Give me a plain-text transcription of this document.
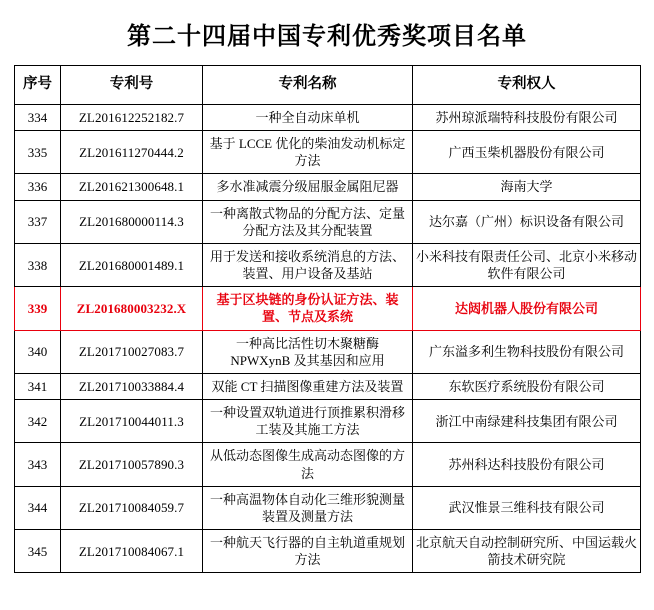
第二十四届中国专利优秀奖项目名单
序号	专利号	专利名称	专利权人
334	ZL201612252182.7	一种全自动床单机	苏州琼派瑞特科技股份有限公司
335	ZL201611270444.2	基于 LCCE 优化的柴油发动机标定方法	广西玉柴机器股份有限公司
336	ZL201621300648.1	多水准减震分级屈服金属阻尼器	海南大学
337	ZL201680000114.3	一种离散式物品的分配方法、定量分配方法及其分配装置	达尔嘉（广州）标识设备有限公司
338	ZL201680001489.1	用于发送和接收系统消息的方法、装置、用户设备及基站	小米科技有限责任公司、北京小米移动软件有限公司
339	ZL201680003232.X	基于区块链的身份认证方法、装置、节点及系统	达闼机器人股份有限公司
340	ZL201710027083.7	一种高比活性切木聚糖酶 NPWXynB 及其基因和应用	广东溢多利生物科技股份有限公司
341	ZL201710033884.4	双能 CT 扫描图像重建方法及装置	东软医疗系统股份有限公司
342	ZL201710044011.3	一种设置双轨道进行顶推累积滑移工装及其施工方法	浙江中南绿建科技集团有限公司
343	ZL201710057890.3	从低动态图像生成高动态图像的方法	苏州科达科技股份有限公司
344	ZL201710084059.7	一种高温物体自动化三维形貌测量装置及测量方法	武汉惟景三维科技有限公司
345	ZL201710084067.1	一种航天飞行器的自主轨道重规划方法	北京航天自动控制研究所、中国运载火箭技术研究院
